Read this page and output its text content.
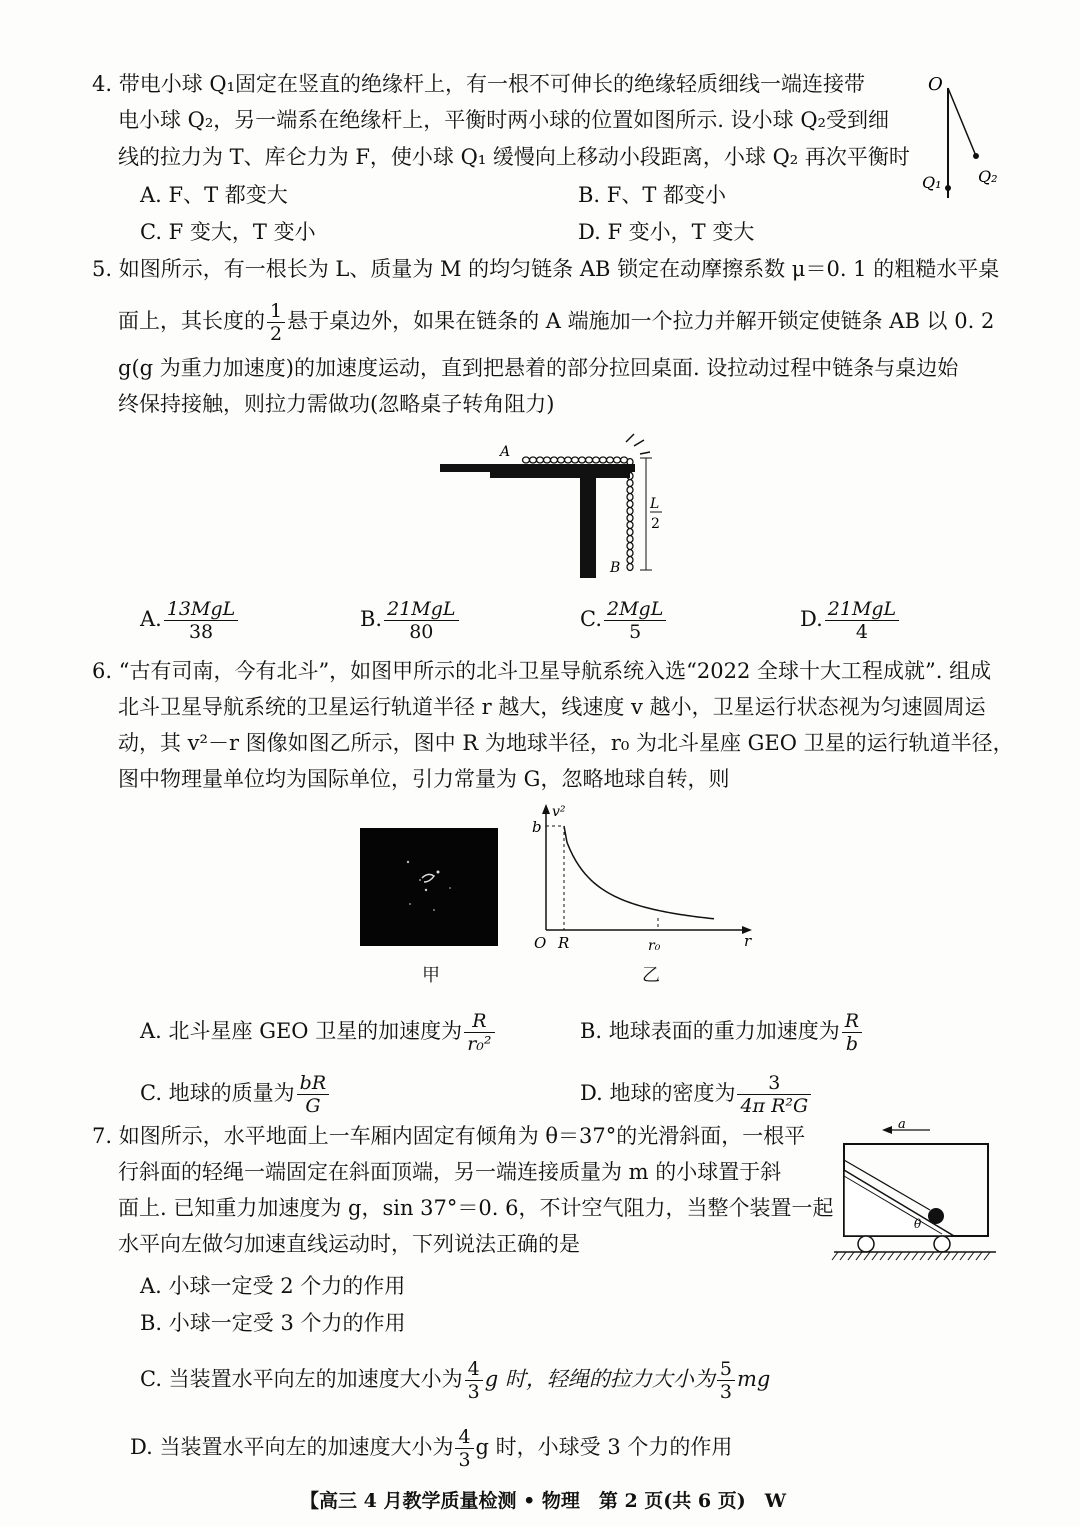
4. 带电小球 Q₁固定在竖直的绝缘杆上，有一根不可伸长的绝缘轻质细线一端连接带
电小球 Q₂，另一端系在绝缘杆上，平衡时两小球的位置如图所示. 设小球 Q₂受到细
线的拉力为 T、库仑力为 F，使小球 Q₁ 缓慢向上移动小段距离，小球 Q₂ 再次平衡时
A. F、T 都变大	B. F、T 都变小
C. F 变大，T 变小	D. F 变小，T 变大
O
Q₁ Q₂
5. 如图所示，有一根长为 L、质量为 M 的均匀链条 AB 锁定在动摩擦系数 μ＝0. 1 的粗糙水平桌
面上，其长度的 $\frac{1}{2}$ 悬于桌边外，如果在链条的 A 端施加一个拉力并解开锁定使链条 AB 以 0. 2
g(g 为重力加速度)的加速度运动，直到把悬着的部分拉回桌面. 设拉动过程中链条与桌边始
终保持接触，则拉力需做功(忽略桌子转角阻力)
A
B
L
2
A. $\frac{\text{13MgL}}{38}$	B. $\frac{\text{21MgL}}{80}$	C. $\frac{\text{2MgL}}{5}$	D. $\frac{\text{21MgL}}{4}$
6. “古有司南，今有北斗”，如图甲所示的北斗卫星导航系统入选“2022 全球十大工程成就”. 组成
北斗卫星导航系统的卫星运行轨道半径 r 越大，线速度 v 越小，卫星运行状态视为匀速圆周运
动，其 v²－r 图像如图乙所示，图中 R 为地球半径，r₀ 为北斗星座 GEO 卫星的运行轨道半径，
图中物理量单位均为国际单位，引力常量为 G，忽略地球自转，则
甲
b
v²
O R	r₀	r
乙
A. 北斗星座 GEO 卫星的加速度为 $\frac{R}{\text{r₀²}}$	B. 地球表面的重力加速度为 $\frac{R}{b}$
C. 地球的质量为 $\frac{bR}{G}$	D. 地球的密度为 $\frac{3}{\text{4π R²G}}$
7. 如图所示，水平地面上一车厢内固定有倾角为 θ＝37°的光滑斜面，一根平
行斜面的轻绳一端固定在斜面顶端，另一端连接质量为 m 的小球置于斜
面上. 已知重力加速度为 g，sin 37°＝0. 6，不计空气阻力，当整个装置一起
水平向左做匀加速直线运动时，下列说法正确的是
a
θ
A. 小球一定受 2 个力的作用
B. 小球一定受 3 个力的作用
C. 当装置水平向左的加速度大小为 $\frac{4}{3}$ g 时，轻绳的拉力大小为 $\frac{5}{3}$ mg
D. 当装置水平向左的加速度大小为 $\frac{4}{3}$ g 时，小球受 3 个力的作用
【高三 4 月教学质量检测 • 物理　第 2 页(共 6 页)　W
